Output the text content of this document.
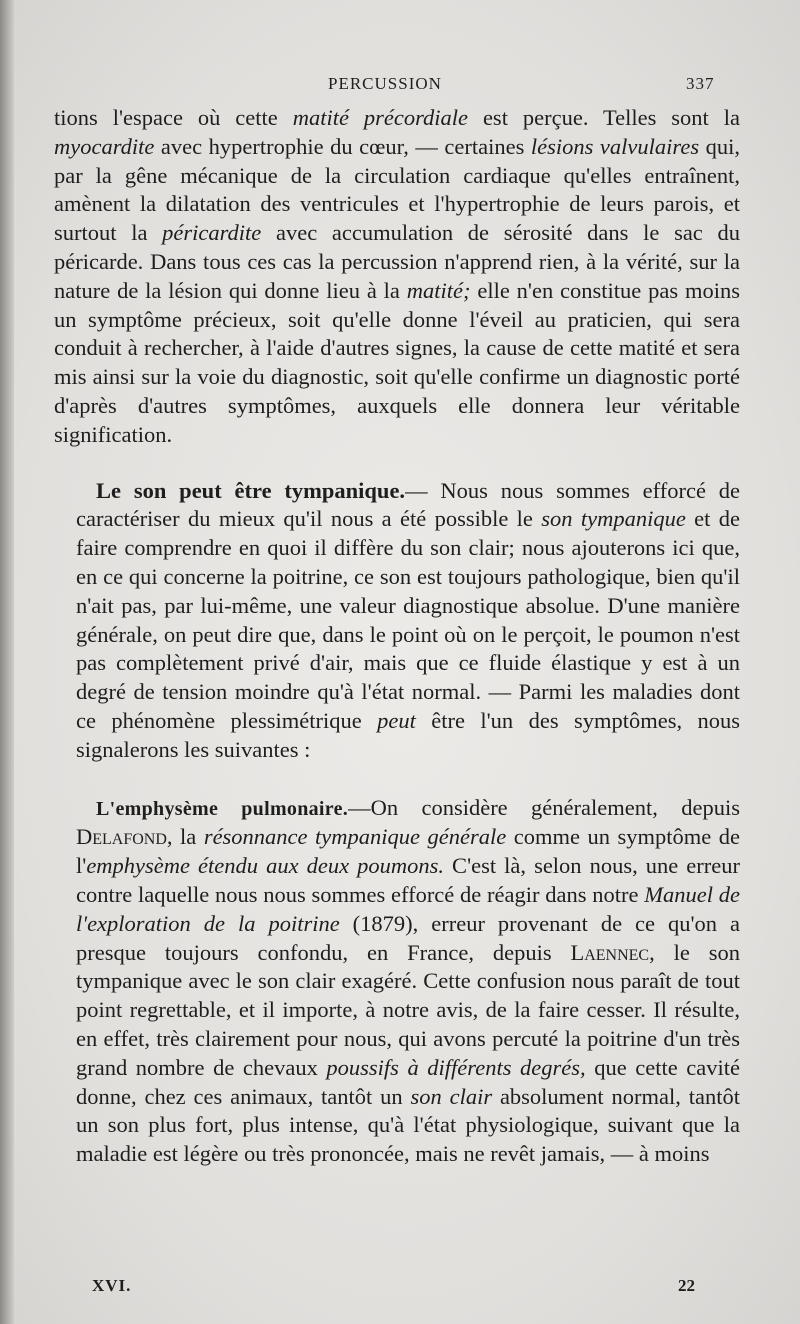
PERCUSSION	337

tions l'espace où cette matité précordiale est perçue. Telles sont la myocardite avec hypertrophie du cœur, — certaines lésions valvulaires qui, par la gêne mécanique de la circulation cardiaque qu'elles entraînent, amènent la dilatation des ventricules et l'hypertrophie de leurs parois, et surtout la péricardite avec accumulation de sérosité dans le sac du péricarde. Dans tous ces cas la percussion n'apprend rien, à la vérité, sur la nature de la lésion qui donne lieu à la matité; elle n'en constitue pas moins un symptôme précieux, soit qu'elle donne l'éveil au praticien, qui sera conduit à rechercher, à l'aide d'autres signes, la cause de cette matité et sera mis ainsi sur la voie du diagnostic, soit qu'elle confirme un diagnostic porté d'après d'autres symptômes, auxquels elle donnera leur véritable signification.

Le son peut être tympanique.— Nous nous sommes efforcé de caractériser du mieux qu'il nous a été possible le son tympanique et de faire comprendre en quoi il diffère du son clair; nous ajouterons ici que, en ce qui concerne la poitrine, ce son est toujours pathologique, bien qu'il n'ait pas, par lui-même, une valeur diagnostique absolue. D'une manière générale, on peut dire que, dans le point où on le perçoit, le poumon n'est pas complètement privé d'air, mais que ce fluide élastique y est à un degré de tension moindre qu'à l'état normal. — Parmi les maladies dont ce phénomène plessimétrique peut être l'un des symptômes, nous signalerons les suivantes :

L'emphysème pulmonaire.—On considère généralement, depuis Delafond, la résonnance tympanique générale comme un symptôme de l'emphysème étendu aux deux poumons. C'est là, selon nous, une erreur contre laquelle nous nous sommes efforcé de réagir dans notre Manuel de l'exploration de la poitrine (1879), erreur provenant de ce qu'on a presque toujours confondu, en France, depuis Laennec, le son tympanique avec le son clair exagéré. Cette confusion nous paraît de tout point regrettable, et il importe, à notre avis, de la faire cesser. Il résulte, en effet, très clairement pour nous, qui avons percuté la poitrine d'un très grand nombre de chevaux poussifs à différents degrés, que cette cavité donne, chez ces animaux, tantôt un son clair absolument normal, tantôt un son plus fort, plus intense, qu'à l'état physiologique, suivant que la maladie est légère ou très prononcée, mais ne revêt jamais, — à moins

XVI.	22
